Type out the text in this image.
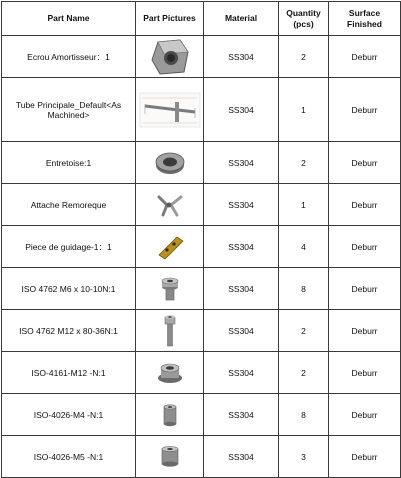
Part Name	Part Pictures	Material	Quantity (pcs)	Surface Finished
Ecrou Amortisseur：1		SS304	2	Deburr
Tube Principale_Default<As Machined>		SS304	1	Deburr
Entretoise:1		SS304	2	Deburr
Attache Remoreque		SS304	1	Deburr
Piece de guidage-1：1		SS304	4	Deburr
ISO 4762 M6 x 10-10N:1		SS304	8	Deburr
ISO 4762 M12 x 80-36N:1		SS304	2	Deburr
ISO-4161-M12 -N:1		SS304	2	Deburr
ISO-4026-M4 -N:1		SS304	8	Deburr
ISO-4026-M5 -N:1		SS304	3	Deburr
